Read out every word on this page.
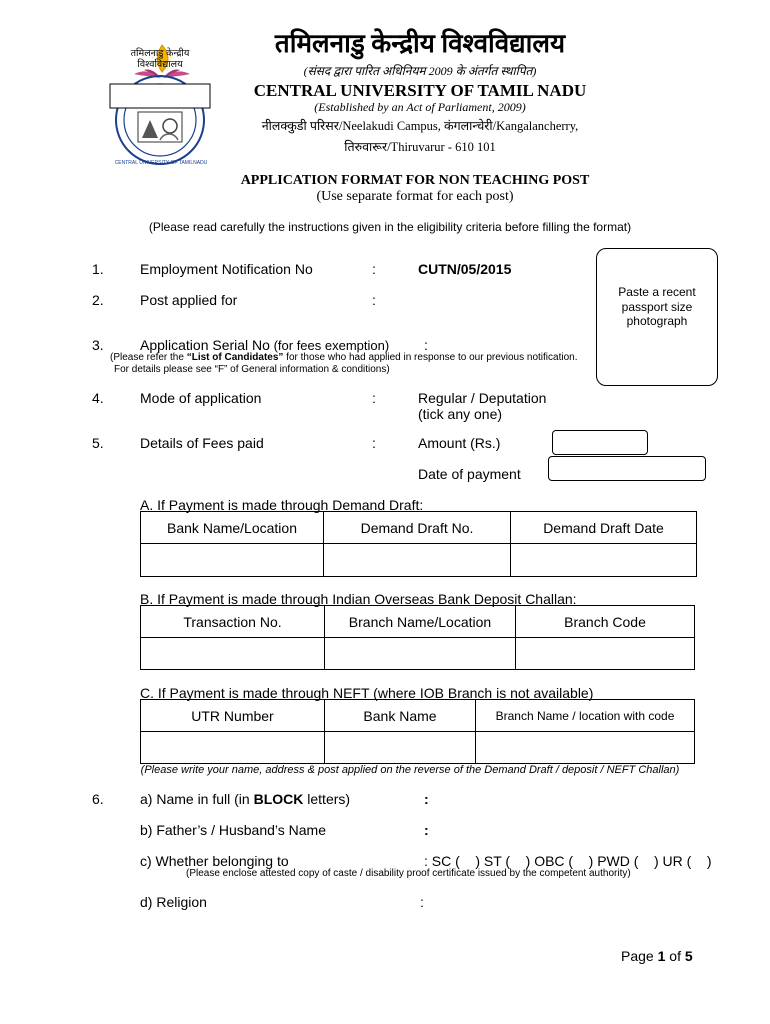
तमिलनाडु केन्द्रीय
विश्वविद्यालय
CENTRAL UNIVERSITY OF TAMILNADU
तमिलनाडु केन्द्रीय विश्वविद्यालय
(संसद द्वारा पारित अधिनियम 2009 के अंतर्गत स्थापित)
CENTRAL UNIVERSITY OF TAMIL NADU
(Established by an Act of Parliament, 2009)
नीलक्कुडी परिसर/Neelakudi Campus, कंगलान्चेरी/Kangalancherry,
तिरुवारूर/Thiruvarur - 610 101
APPLICATION FORMAT FOR NON TEACHING POST
(Use separate format for each post)
(Please read carefully the instructions given in the eligibility criteria before filling the format)
Paste a recent
passport size
photograph
1.	Employment Notification No	:	CUTN/05/2015
2.	Post applied for	:
3.	Application Serial No (for fees exemption) :
(Please refer the “List of Candidates” for those who had applied in response to our previous notification.
For details please see “F” of General information & conditions)
4.	Mode of application	:	Regular / Deputation
(tick any one)
5.	Details of Fees paid	:	Amount (Rs.)
Date of payment
A. If Payment is made through Demand Draft:
Bank Name/Location	Demand Draft No.	Demand Draft Date

B. If Payment is made through Indian Overseas Bank Deposit Challan:
Transaction No.	Branch Name/Location	Branch Code

C. If Payment is made through NEFT (where IOB Branch is not available)
UTR Number	Bank Name	Branch Name / location with code

(Please write your name, address & post applied on the reverse of the Demand Draft / deposit / NEFT Challan)
6.	a) Name in full (in BLOCK letters)	:
b) Father’s / Husband’s Name	:
c) Whether belonging to	: SC (    ) ST (    ) OBC (    ) PWD (    ) UR (    )
(Please enclose attested copy of caste / disability proof certificate issued by the competent authority)
d) Religion	:
Page 1 of 5
